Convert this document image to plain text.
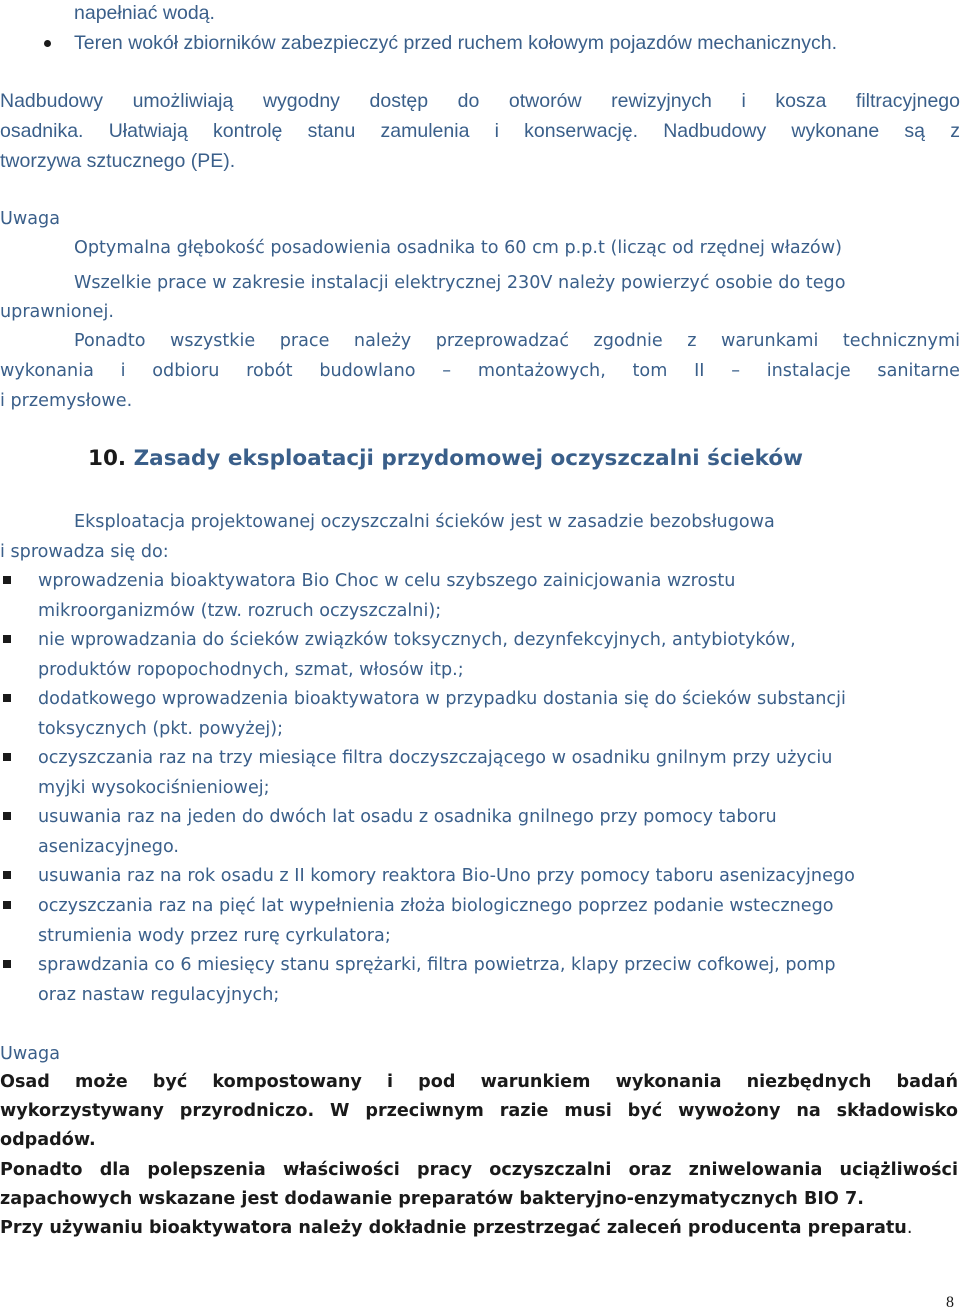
napełniać wodą.
Teren wokół zbiorników zabezpieczyć przed ruchem kołowym pojazdów mechanicznych.
Nadbudowy umożliwiają wygodny dostęp do otworów rewizyjnych i kosza filtracyjnego
osadnika. Ułatwiają kontrolę stanu zamulenia i konserwację. Nadbudowy wykonane są z
tworzywa sztucznego (PE).
Uwaga
Optymalna głębokość posadowienia osadnika to 60 cm p.p.t (licząc od rzędnej włazów)
Wszelkie prace w zakresie instalacji elektrycznej 230V należy powierzyć osobie do tego
uprawnionej.
Ponadto wszystkie prace należy przeprowadzać zgodnie z warunkami technicznymi
wykonania i odbioru robót budowlano – montażowych, tom II – instalacje sanitarne
i przemysłowe.
10. Zasady eksploatacji przydomowej oczyszczalni ścieków
Eksploatacja projektowanej oczyszczalni ścieków jest w zasadzie bezobsługowa
i sprowadza się do:
wprowadzenia bioaktywatora Bio Choc w celu szybszego zainicjowania wzrostu
mikroorganizmów (tzw. rozruch oczyszczalni);
nie wprowadzania do ścieków związków toksycznych, dezynfekcyjnych, antybiotyków,
produktów ropopochodnych, szmat, włosów itp.;
dodatkowego wprowadzenia bioaktywatora w przypadku dostania się do ścieków substancji
toksycznych (pkt. powyżej);
oczyszczania raz na trzy miesiące filtra doczyszczającego w osadniku gnilnym przy użyciu
myjki wysokociśnieniowej;
usuwania raz na jeden do dwóch lat osadu z osadnika gnilnego przy pomocy taboru
asenizacyjnego.
usuwania raz na rok osadu z II komory reaktora Bio-Uno przy pomocy taboru asenizacyjnego
oczyszczania raz na pięć lat wypełnienia złoża biologicznego poprzez podanie wstecznego
strumienia wody przez rurę cyrkulatora;
sprawdzania co 6 miesięcy stanu sprężarki, filtra powietrza, klapy przeciw cofkowej, pomp
oraz nastaw regulacyjnych;
Uwaga
Osad może być kompostowany i pod warunkiem wykonania niezbędnych badań
wykorzystywany przyrodniczo. W przeciwnym razie musi być wywożony na składowisko
odpadów.
Ponadto dla polepszenia właściwości pracy oczyszczalni oraz zniwelowania uciążliwości
zapachowych wskazane jest dodawanie preparatów bakteryjno-enzymatycznych BIO 7.
Przy używaniu bioaktywatora należy dokładnie przestrzegać zaleceń producenta preparatu.
8
